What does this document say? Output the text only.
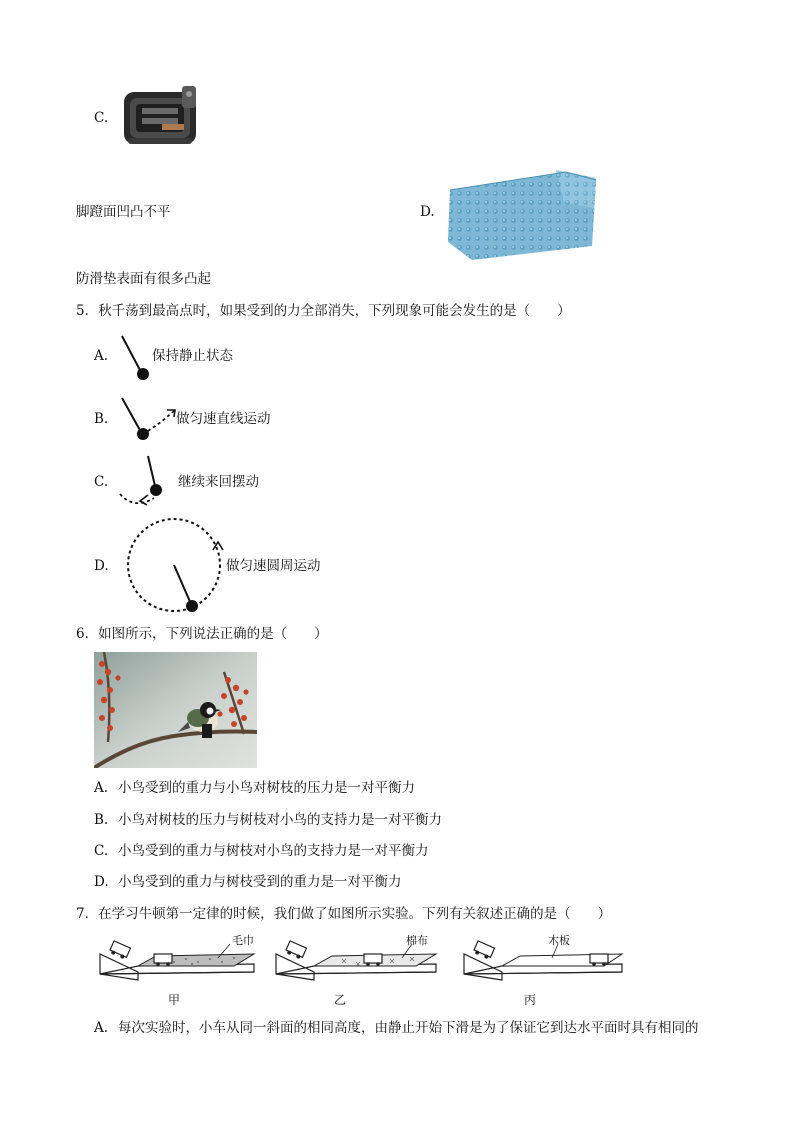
C.
脚蹬面凹凸不平	D.
防滑垫表面有很多凸起
5．秋千荡到最高点时，如果受到的力全部消失，下列现象可能会发生的是（　　）
A.	保持静止状态
B.	做匀速直线运动
C.	继续来回摆动
D.	做匀速圆周运动
6．如图所示，下列说法正确的是（　　）
A. 小鸟受到的重力与小鸟对树枝的压力是一对平衡力
B. 小鸟对树枝的压力与树枝对小鸟的支持力是一对平衡力
C. 小鸟受到的重力与树枝对小鸟的支持力是一对平衡力
D. 小鸟受到的重力与树枝受到的重力是一对平衡力
7．在学习牛顿第一定律的时候，我们做了如图所示实验。下列有关叙述正确的是（　　）
毛巾
甲
棉布
乙
木板
丙
A. 每次实验时，小车从同一斜面的相同高度，由静止开始下滑是为了保证它到达水平面时具有相同的
